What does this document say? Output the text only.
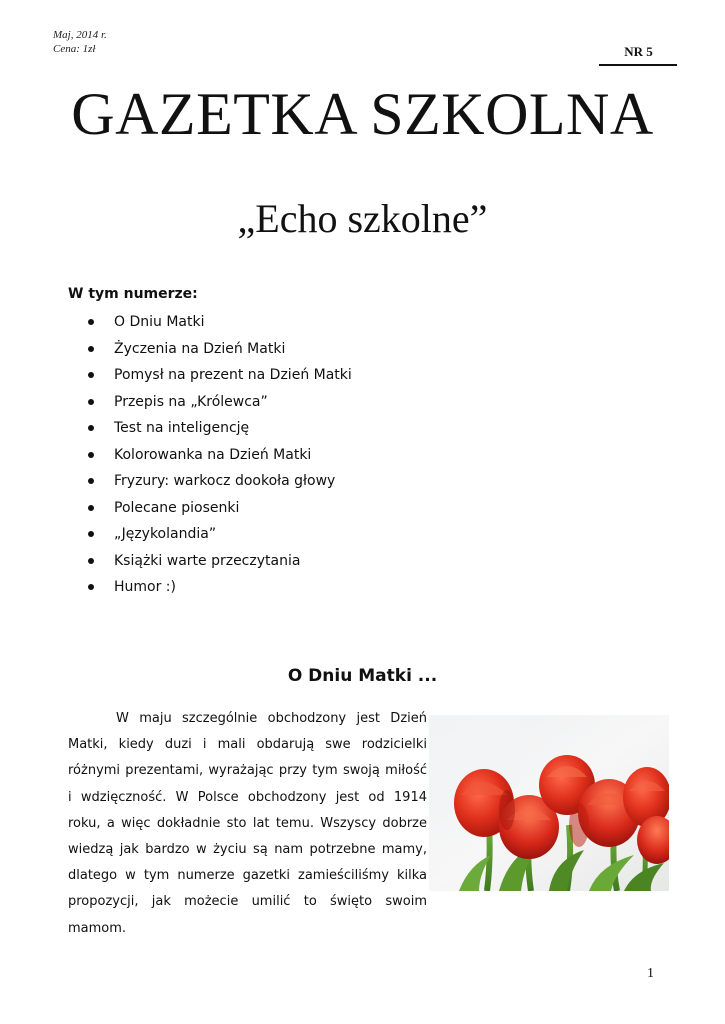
Maj, 2014 r.
Cena: 1zł	NR 5
GAZETKA SZKOLNA
„Echo szkolne”
W tym numerze:
O Dniu Matki
Życzenia na Dzień Matki
Pomysł na prezent na Dzień Matki
Przepis na „Królewca”
Test na inteligencję
Kolorowanka na Dzień Matki
Fryzury: warkocz dookoła głowy
Polecane piosenki
„Językolandia”
Książki warte przeczytania
Humor :)
O Dniu Matki ...

W maju szczególnie obchodzony jest Dzień Matki, kiedy duzi i mali obdarują swe rodzicielki różnymi prezentami, wyrażając przy tym swoją miłość i wdzięczność. W Polsce obchodzony jest od 1914 roku, a więc dokładnie sto lat temu. Wszyscy dobrze wiedzą jak bardzo w życiu są nam potrzebne mamy, dlatego w tym numerze gazetki zamieściliśmy kilka propozycji, jak możecie umilić to święto swoim mamom.

1
